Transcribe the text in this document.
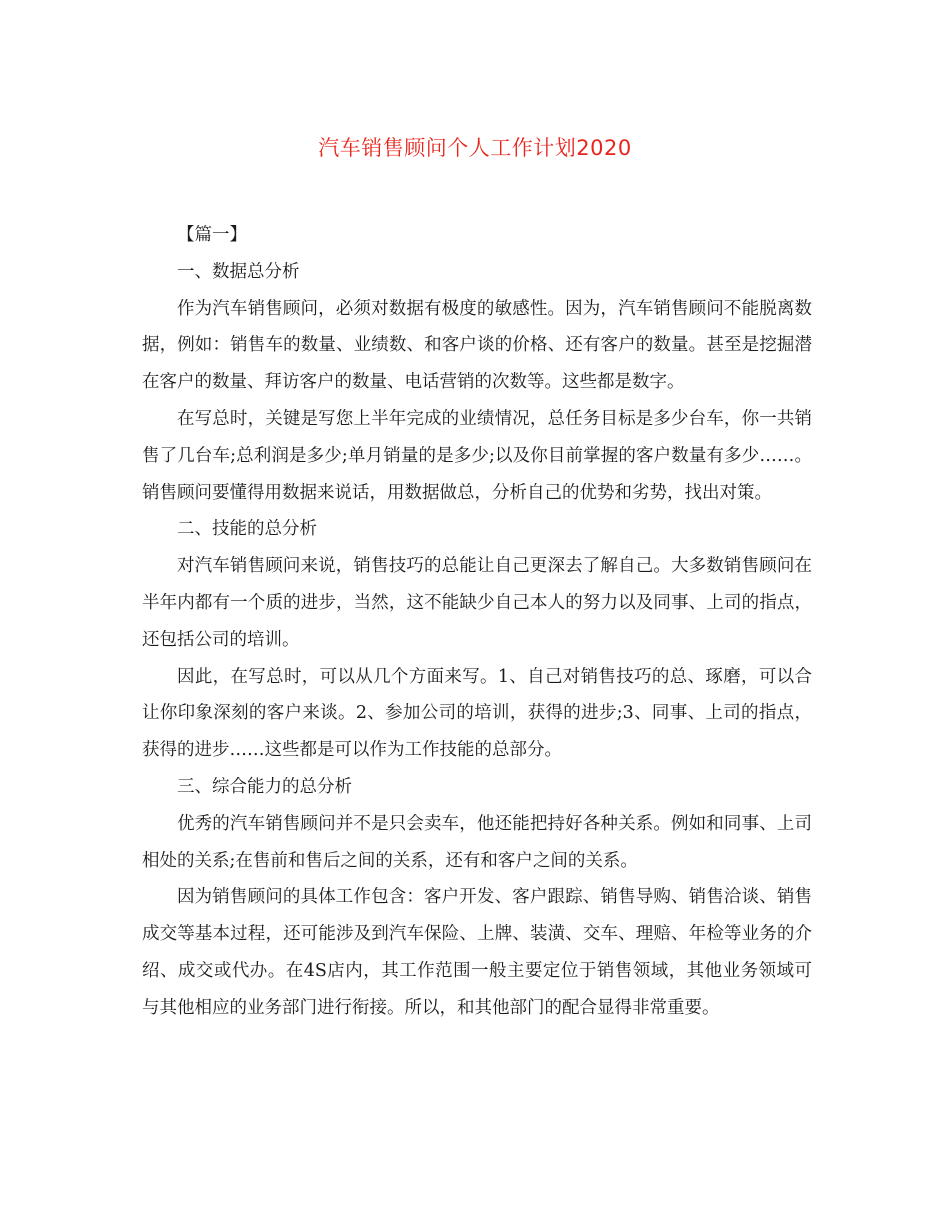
汽车销售顾问个人工作计划2020

【篇一】

一、数据总分析

作为汽车销售顾问，必须对数据有极度的敏感性。因为，汽车销售顾问不能脱离数据，例如：销售车的数量、业绩数、和客户谈的价格、还有客户的数量。甚至是挖掘潜在客户的数量、拜访客户的数量、电话营销的次数等。这些都是数字。

在写总时，关键是写您上半年完成的业绩情况，总任务目标是多少台车，你一共销售了几台车;总利润是多少;单月销量的是多少;以及你目前掌握的客户数量有多少……。销售顾问要懂得用数据来说话，用数据做总，分析自己的优势和劣势，找出对策。

二、技能的总分析

对汽车销售顾问来说，销售技巧的总能让自己更深去了解自己。大多数销售顾问在半年内都有一个质的进步，当然，这不能缺少自己本人的努力以及同事、上司的指点，还包括公司的培训。

因此，在写总时，可以从几个方面来写。1、自己对销售技巧的总、琢磨，可以合让你印象深刻的客户来谈。2、参加公司的培训，获得的进步;3、同事、上司的指点，获得的进步……这些都是可以作为工作技能的总部分。

三、综合能力的总分析

优秀的汽车销售顾问并不是只会卖车，他还能把持好各种关系。例如和同事、上司相处的关系;在售前和售后之间的关系，还有和客户之间的关系。

因为销售顾问的具体工作包含：客户开发、客户跟踪、销售导购、销售洽谈、销售成交等基本过程，还可能涉及到汽车保险、上牌、装潢、交车、理赔、年检等业务的介绍、成交或代办。在4S店内，其工作范围一般主要定位于销售领域，其他业务领域可与其他相应的业务部门进行衔接。所以，和其他部门的配合显得非常重要。
